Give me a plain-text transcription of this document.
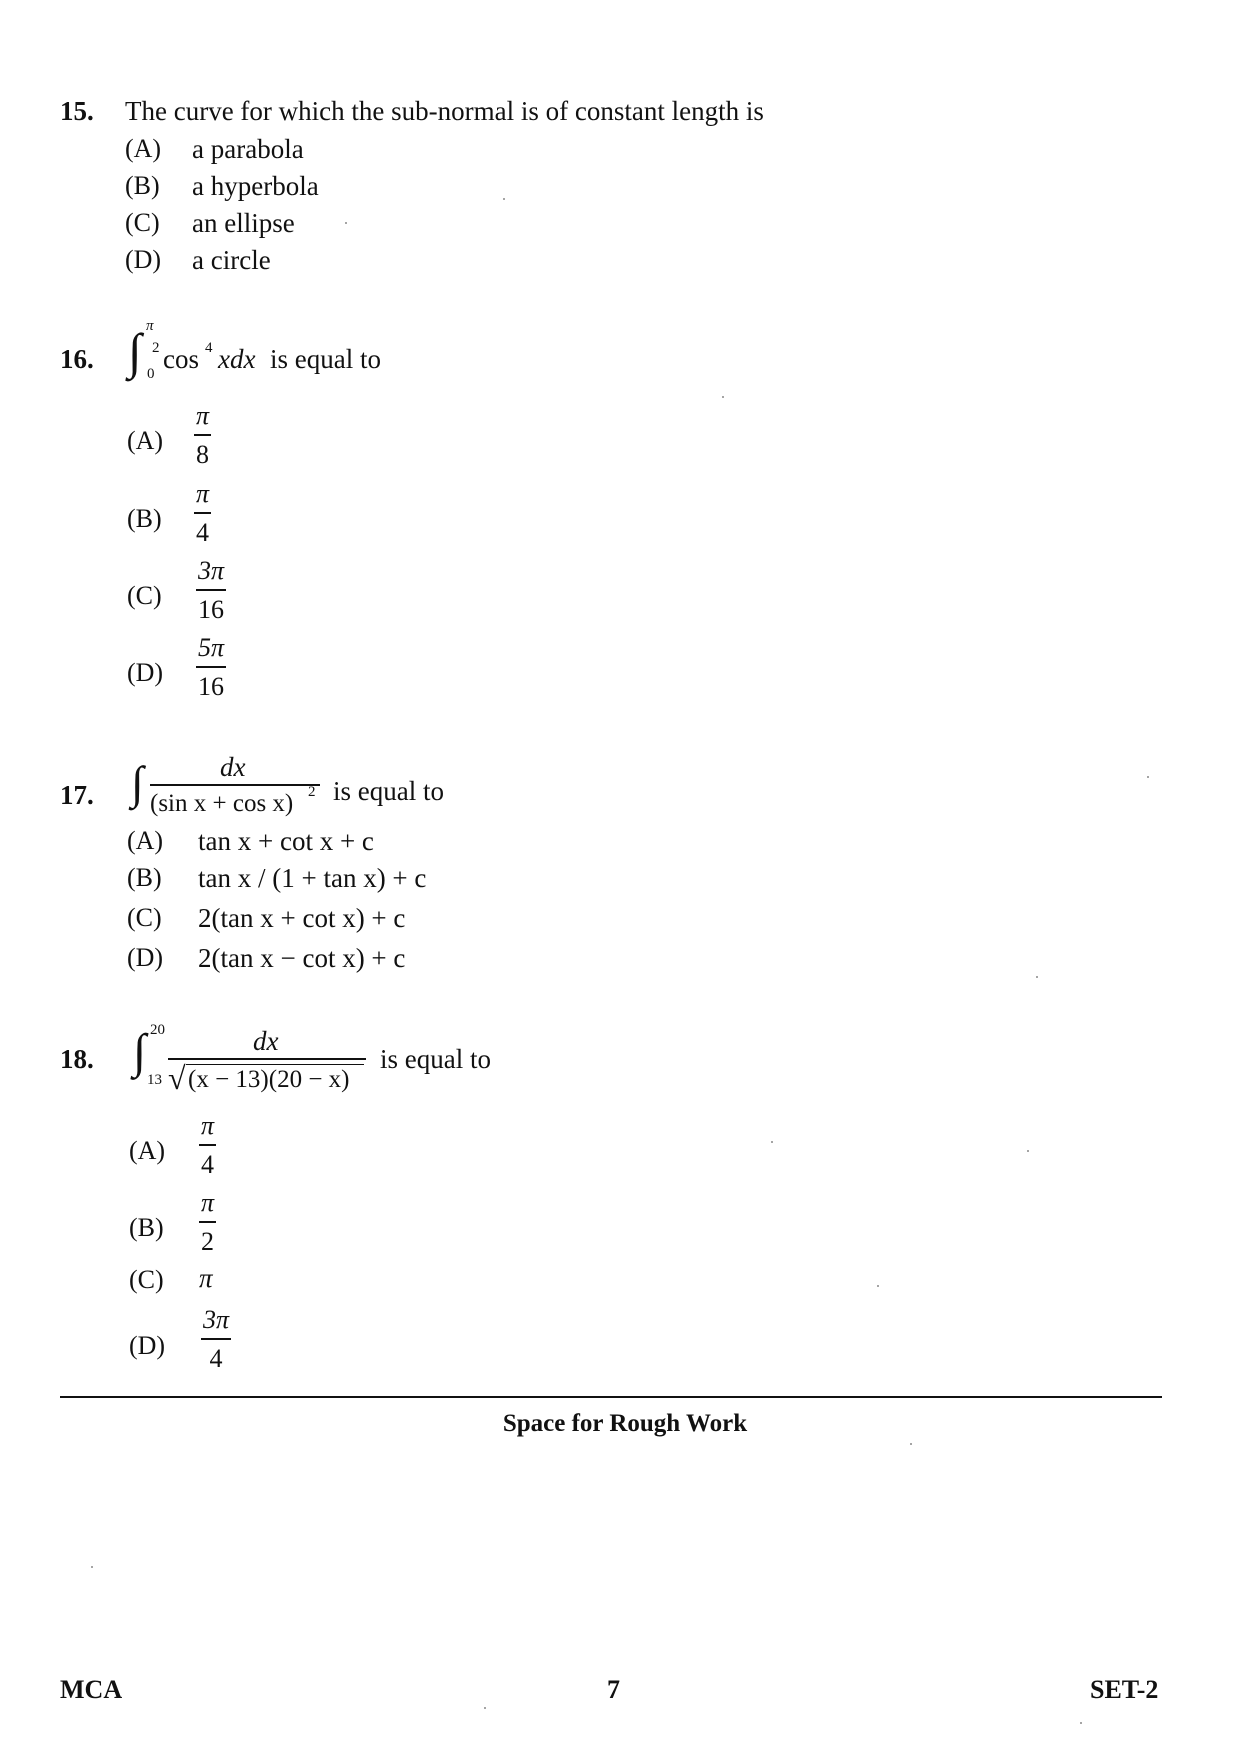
15. The curve for which the sub-normal is of constant length is
(A) a parabola
(B) a hyperbola
(C) an ellipse
(D) a circle
16. ∫ π
2
0 cos 4 xdx is equal to
(A)
π
8
(B)
π
4
(C)
3π
16
(D)
5π
16
17. ∫	dx
(sin x + cos x) 2 is equal to
(A) tan x + cot x + c
(B) tan x / (1 + tan x) + c
(C) 2(tan x + cot x) + c
(D) 2(tan x − cot x) + c
18. ∫ 20
13
dx
√ (x − 13)(20 − x)
is equal to
(A)
π
4
(B)
π
2
(C) π
(D)
3π
4
Space for Rough Work
MCA	7	SET-2
